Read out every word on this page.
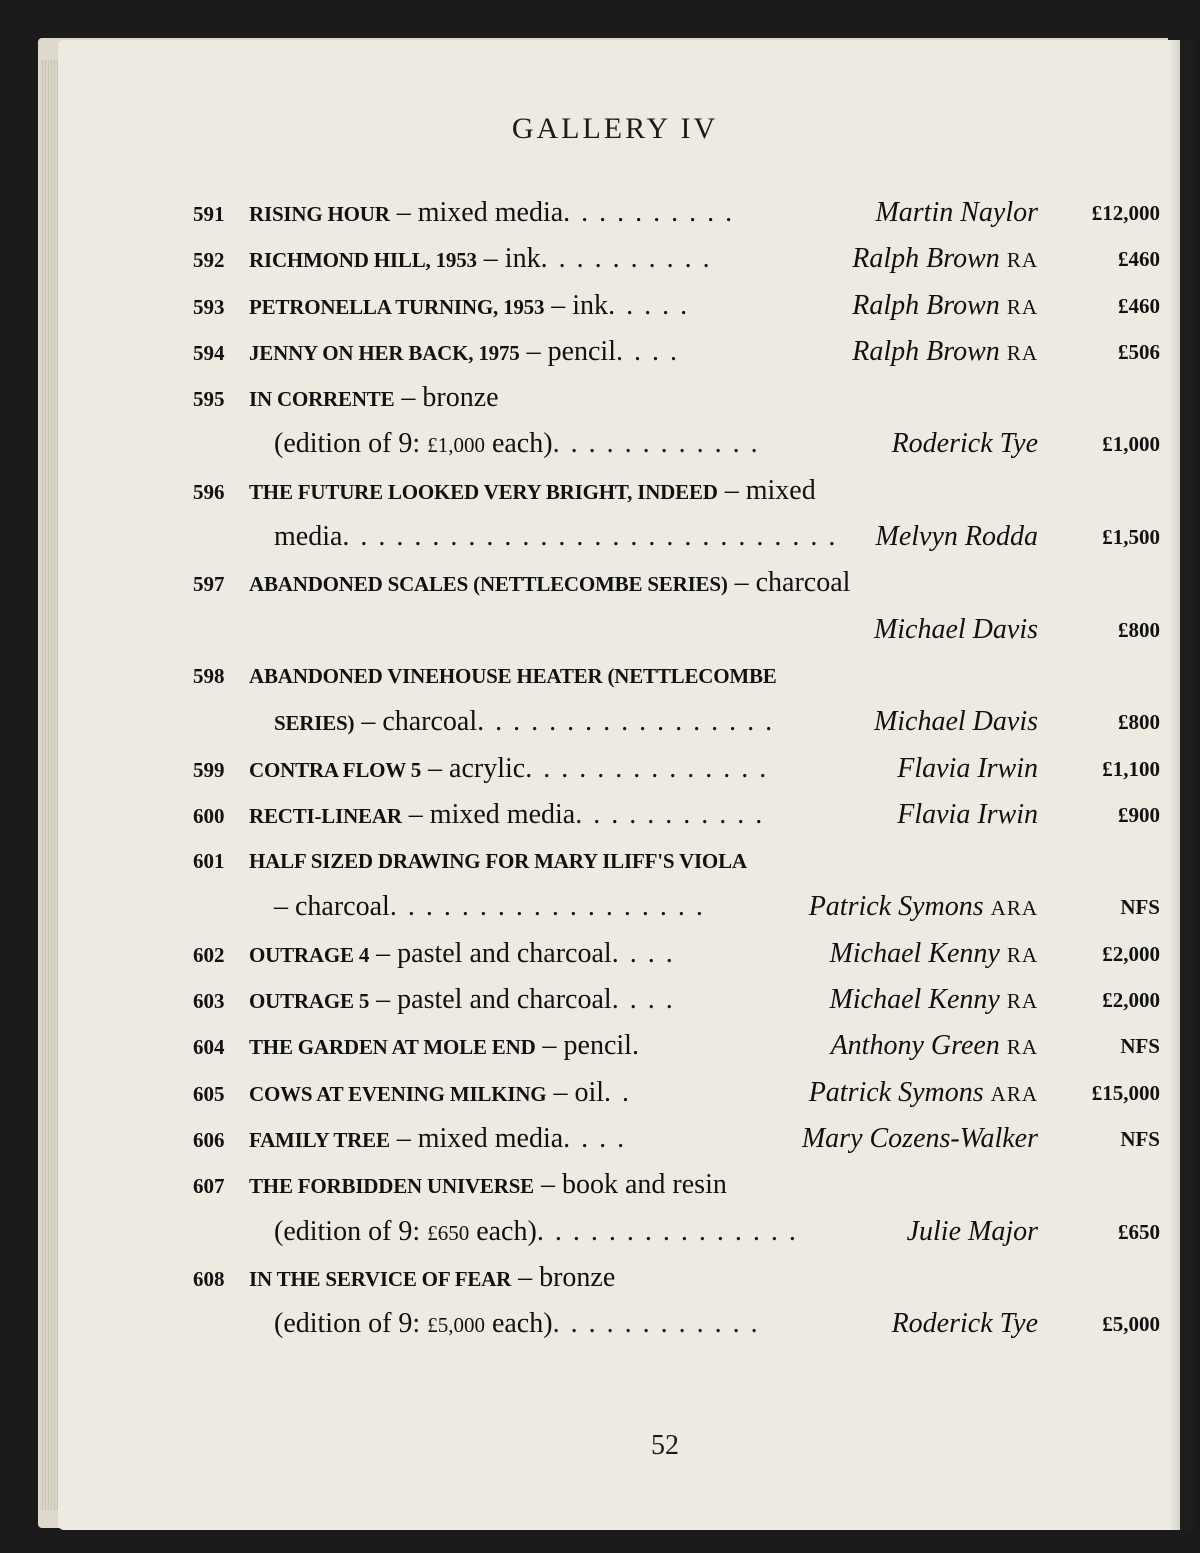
GALLERY IV
591 RISING HOUR – mixed media. . . . . . . . . .	Martin Naylor	£12,000
592 RICHMOND HILL, 1953 – ink. . . . . . . . . .	Ralph Brown RA	£460
593 PETRONELLA TURNING, 1953 – ink. . . . .	Ralph Brown RA	£460
594 JENNY ON HER BACK, 1975 – pencil. . . .	Ralph Brown RA	£506
595 IN CORRENTE – bronze
(edition of 9: £1,000 each). . . . . . . . . . . .	Roderick Tye	£1,000
596 THE FUTURE LOOKED VERY BRIGHT, INDEED – mixed
media. . . . . . . . . . . . . . . . . . . . . . . . . . . . Melvyn Rodda	£1,500
597 ABANDONED SCALES (NETTLECOMBE SERIES) – charcoal
Michael Davis	£800
598 ABANDONED VINEHOUSE HEATER (NETTLECOMBE
SERIES) – charcoal. . . . . . . . . . . . . . . . .	Michael Davis	£800
599 CONTRA FLOW 5 – acrylic. . . . . . . . . . . . . .	Flavia Irwin	£1,100
600 RECTI-LINEAR – mixed media. . . . . . . . . . .	Flavia Irwin	£900
601 HALF SIZED DRAWING FOR MARY ILIFF'S VIOLA
– charcoal. . . . . . . . . . . . . . . . . .	Patrick Symons ARA	NFS
602 OUTRAGE 4 – pastel and charcoal. . . .	Michael Kenny RA	£2,000
603 OUTRAGE 5 – pastel and charcoal. . . .	Michael Kenny RA	£2,000
604 THE GARDEN AT MOLE END – pencil.	Anthony Green RA	NFS
605 COWS AT EVENING MILKING – oil. .	Patrick Symons ARA	£15,000
606 FAMILY TREE – mixed media. . . .	Mary Cozens-Walker	NFS
607 THE FORBIDDEN UNIVERSE – book and resin
(edition of 9: £650 each). . . . . . . . . . . . . . .	Julie Major	£650
608 IN THE SERVICE OF FEAR – bronze
(edition of 9: £5,000 each). . . . . . . . . . . .	Roderick Tye	£5,000
52
